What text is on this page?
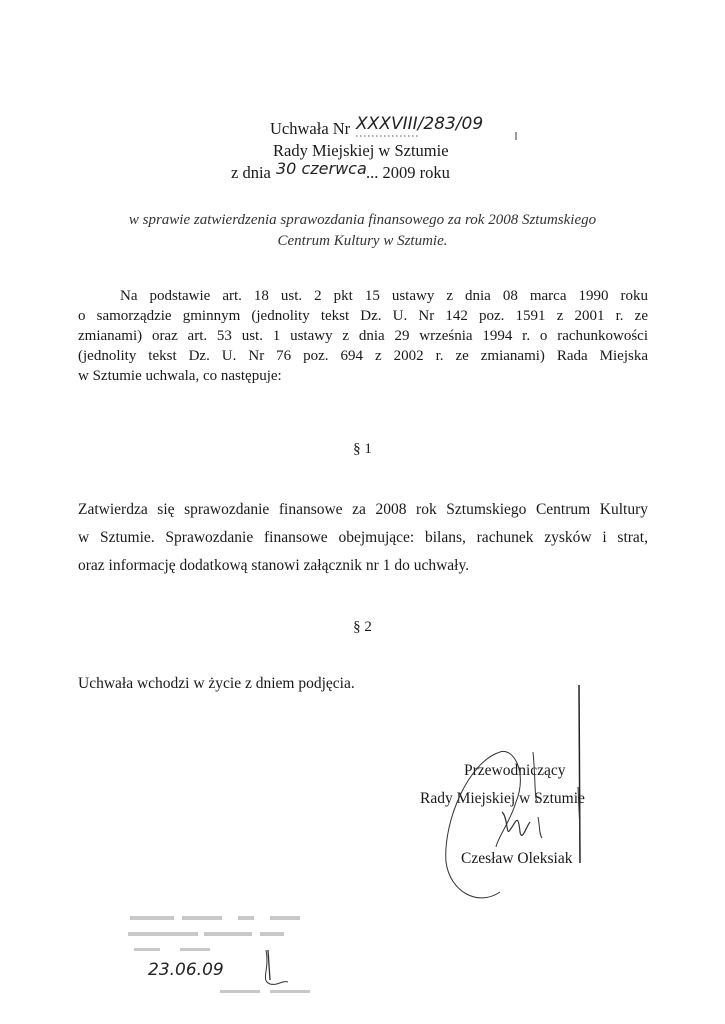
Uchwała Nr XXXVIII/283/09
Rady Miejskiej w Sztumie
z dnia 30 czerwca ... 2009 roku
w sprawie zatwierdzenia sprawozdania finansowego za rok 2008 Sztumskiego
Centrum Kultury w Sztumie.
Na podstawie art. 18 ust. 2 pkt 15 ustawy z dnia 08 marca 1990 roku
o samorządzie gminnym (jednolity tekst Dz. U. Nr 142 poz. 1591 z 2001 r. ze
zmianami) oraz art. 53 ust. 1 ustawy z dnia 29 września 1994 r. o rachunkowości
(jednolity tekst Dz. U. Nr 76 poz. 694 z 2002 r. ze zmianami) Rada Miejska
w Sztumie uchwala, co następuje:
§ 1
Zatwierdza się sprawozdanie finansowe za 2008 rok Sztumskiego Centrum Kultury
w Sztumie. Sprawozdanie finansowe obejmujące: bilans, rachunek zysków i strat,
oraz informację dodatkową stanowi załącznik nr 1 do uchwały.
§ 2
Uchwała wchodzi w życie z dniem podjęcia.
Przewodniczący
Rady Miejskiej w Sztumie
Czesław Oleksiak
23.06.09
